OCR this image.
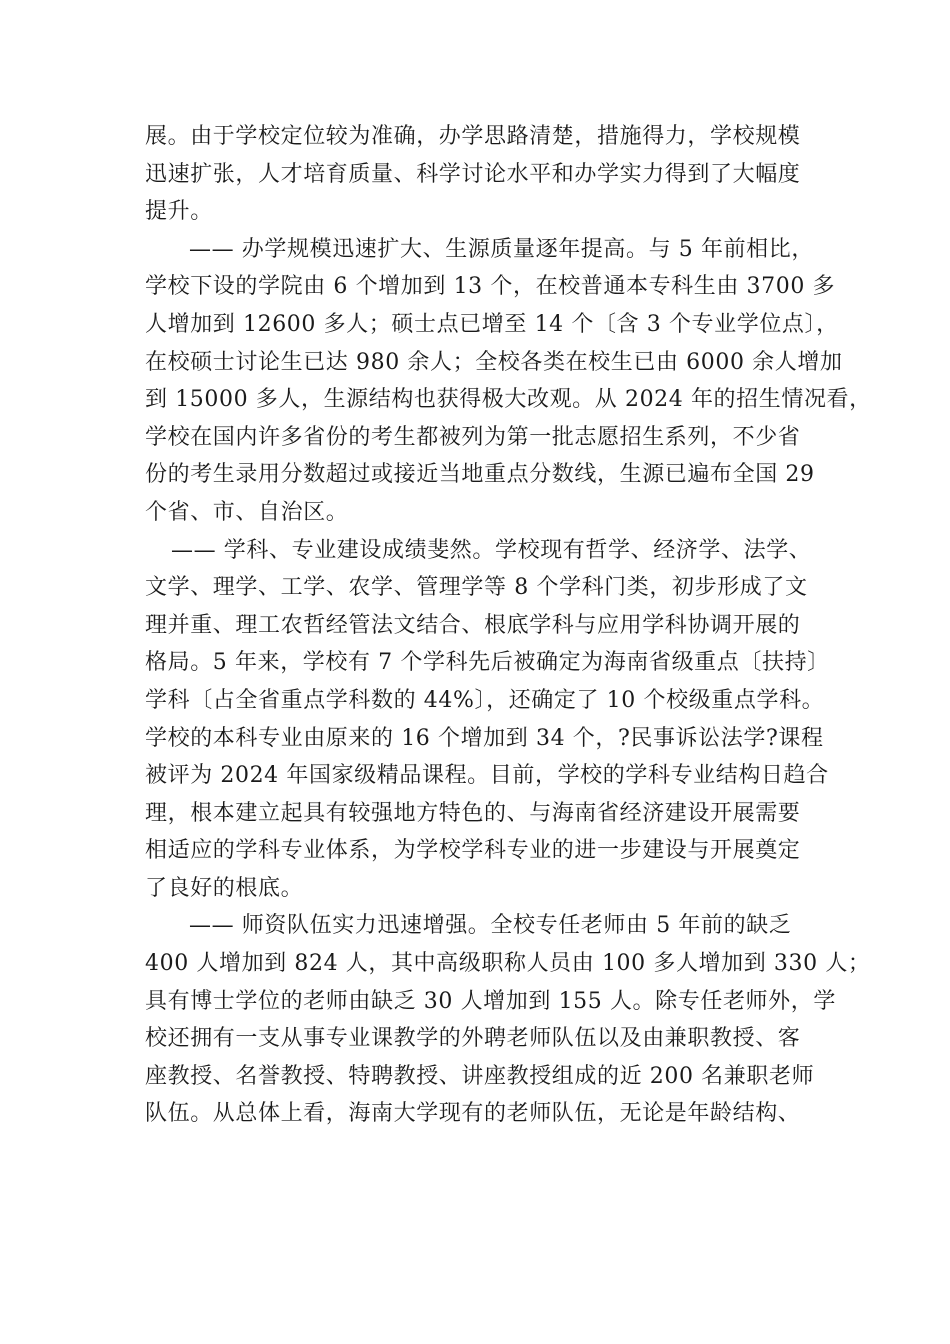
展。由于学校定位较为准确，办学思路清楚，措施得力，学校规模
迅速扩张，人才培育质量、科学讨论水平和办学实力得到了大幅度
提升。
—— 办学规模迅速扩大、生源质量逐年提高。与 5 年前相比，
学校下设的学院由 6 个增加到 13 个，在校普通本专科生由 3700 多
人增加到 12600 多人；硕士点已增至 14 个〔含 3 个专业学位点〕，
在校硕士讨论生已达 980 余人；全校各类在校生已由 6000 余人增加
到 15000 多人，生源结构也获得极大改观。从 2024 年的招生情况看，
学校在国内许多省份的考生都被列为第一批志愿招生系列，不少省
份的考生录用分数超过或接近当地重点分数线，生源已遍布全国 29
个省、市、自治区。
—— 学科、专业建设成绩斐然。学校现有哲学、经济学、法学、
文学、理学、工学、农学、管理学等 8 个学科门类，初步形成了文
理并重、理工农哲经管法文结合、根底学科与应用学科协调开展的
格局。5 年来，学校有 7 个学科先后被确定为海南省级重点〔扶持〕
学科〔占全省重点学科数的 44%〕，还确定了 10 个校级重点学科。
学校的本科专业由原来的 16 个增加到 34 个，?民事诉讼法学?课程
被评为 2024 年国家级精品课程。目前，学校的学科专业结构日趋合
理，根本建立起具有较强地方特色的、与海南省经济建设开展需要
相适应的学科专业体系，为学校学科专业的进一步建设与开展奠定
了良好的根底。
—— 师资队伍实力迅速增强。全校专任老师由 5 年前的缺乏
400 人增加到 824 人，其中高级职称人员由 100 多人增加到 330 人；
具有博士学位的老师由缺乏 30 人增加到 155 人。除专任老师外，学
校还拥有一支从事专业课教学的外聘老师队伍以及由兼职教授、客
座教授、名誉教授、特聘教授、讲座教授组成的近 200 名兼职老师
队伍。从总体上看，海南大学现有的老师队伍，无论是年龄结构、
